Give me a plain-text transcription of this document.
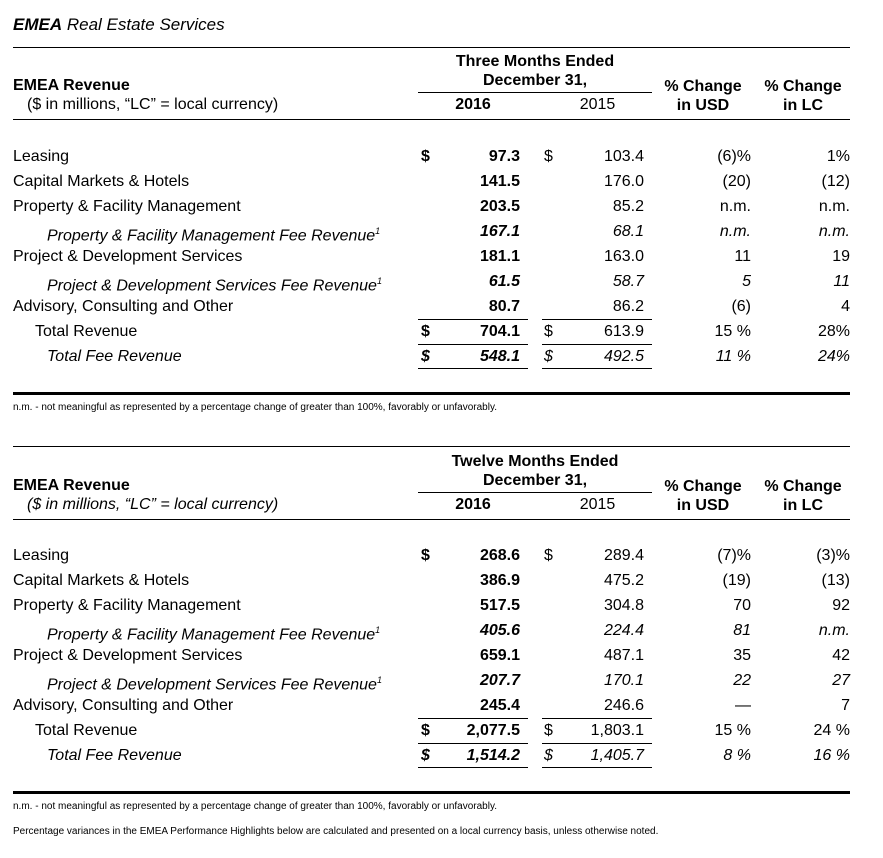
EMEA Real Estate Services
EMEA Revenue
($ in millions, “LC” = local currency)
Three Months Ended
December 31,
2016	2015
% Change
in USD
% Change
in LC
Leasing	$	97.3 $	103.4	(6)%	1%
Capital Markets & Hotels	141.5	176.0	(20)	(12)
Property & Facility Management	203.5	85.2	n.m.	n.m.
Property & Facility Management Fee Revenue$^1$	167.1	68.1	n.m.	n.m.
Project & Development Services	181.1	163.0	11	19
Project & Development Services Fee Revenue$^1$	61.5	58.7	5	11
Advisory, Consulting and Other	80.7	86.2	(6)	4
Total Revenue	$	704.1 $	613.9	15 %	28%
Total Fee Revenue	$	548.1 $	492.5	11 %	24%
n.m. - not meaningful as represented by a percentage change of greater than 100%, favorably or unfavorably.
EMEA Revenue
($ in millions, “LC” = local currency)
Twelve Months Ended
December 31,
2016	2015
% Change
in USD
% Change
in LC
Leasing	$	268.6 $	289.4	(7)%	(3)%
Capital Markets & Hotels	386.9	475.2	(19)	(13)
Property & Facility Management	517.5	304.8	70	92
Property & Facility Management Fee Revenue$^1$	405.6	224.4	81	n.m.
Project & Development Services	659.1	487.1	35	42
Project & Development Services Fee Revenue$^1$	207.7	170.1	22	27
Advisory, Consulting and Other	245.4	246.6	—	7
Total Revenue	$ 2,077.5 $ 1,803.1	15 %	24 %
Total Fee Revenue	$ 1,514.2 $ 1,405.7	8 %	16 %
n.m. - not meaningful as represented by a percentage change of greater than 100%, favorably or unfavorably.
Percentage variances in the EMEA Performance Highlights below are calculated and presented on a local currency basis, unless otherwise noted.
